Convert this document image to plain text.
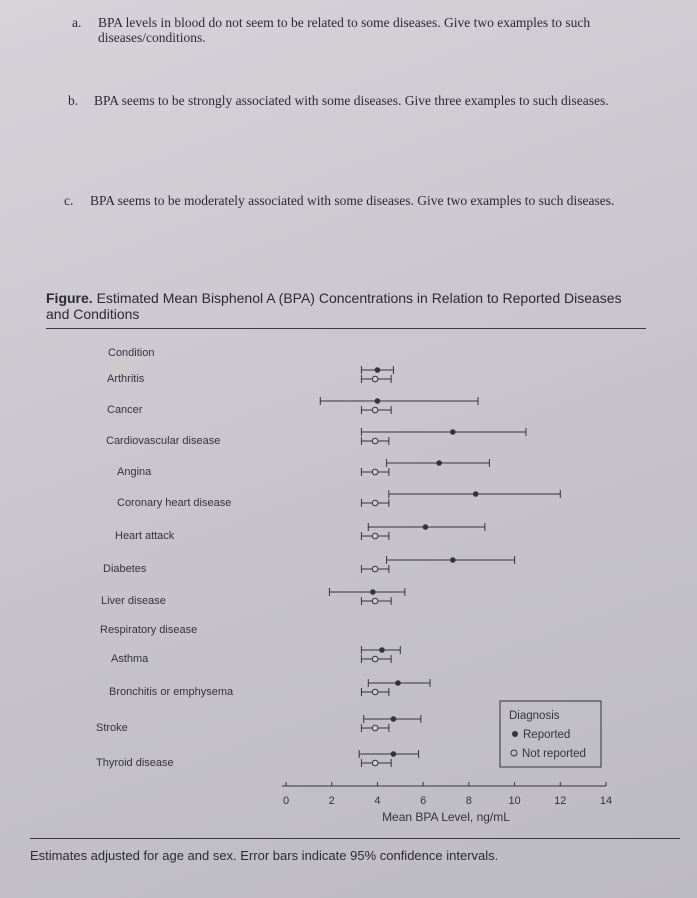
a. BPA levels in blood do not seem to be related to some diseases. Give two examples to such diseases/conditions.
b. BPA seems to be strongly associated with some diseases. Give three examples to such diseases.
c. BPA seems to be moderately associated with some diseases. Give two examples to such diseases.
Figure. Estimated Mean Bisphenol A (BPA) Concentrations in Relation to Reported Diseases and Conditions
Condition
Arthritis
Cancer
Cardiovascular disease
Angina
Coronary heart disease
Heart attack
Diabetes
Liver disease
Respiratory disease
Asthma
Bronchitis or emphysema
Stroke
Thyroid disease
0	2	4	6	8	10	12	14
Mean BPA Level, ng/mL
Diagnosis
Reported
Not reported
Estimates adjusted for age and sex. Error bars indicate 95% confidence intervals.
